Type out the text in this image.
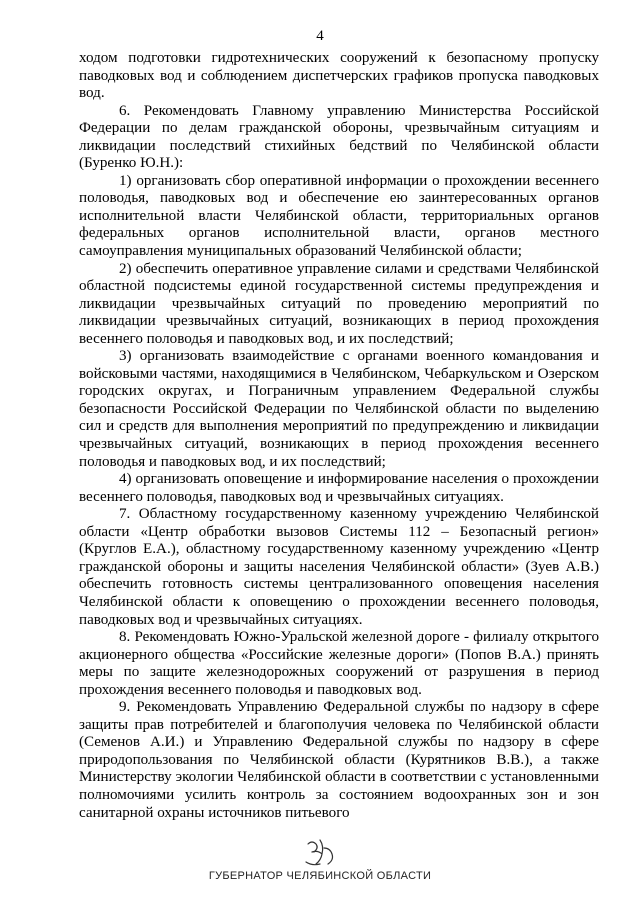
4

ходом подготовки гидротехнических сооружений к безопасному пропуску паводковых вод и соблюдением диспетчерских графиков пропуска паводковых вод.

6. Рекомендовать Главному управлению Министерства Российской Федерации по делам гражданской обороны, чрезвычайным ситуациям и ликвидации последствий стихийных бедствий по Челябинской области (Буренко Ю.Н.):

1) организовать сбор оперативной информации о прохождении весеннего половодья, паводковых вод и обеспечение ею заинтересованных органов исполнительной власти Челябинской области, территориальных органов федеральных органов исполнительной власти, органов местного самоуправления муниципальных образований Челябинской области;

2) обеспечить оперативное управление силами и средствами Челябинской областной подсистемы единой государственной системы предупреждения и ликвидации чрезвычайных ситуаций по проведению мероприятий по ликвидации чрезвычайных ситуаций, возникающих в период прохождения весеннего половодья и паводковых вод, и их последствий;

3) организовать взаимодействие с органами военного командования и войсковыми частями, находящимися в Челябинском, Чебаркульском и Озерском городских округах, и Пограничным управлением Федеральной службы безопасности Российской Федерации по Челябинской области по выделению сил и средств для выполнения мероприятий по предупреждению и ликвидации чрезвычайных ситуаций, возникающих в период прохождения весеннего половодья и паводковых вод, и их последствий;

4) организовать оповещение и информирование населения о прохождении весеннего половодья, паводковых вод и чрезвычайных ситуациях.

7. Областному государственному казенному учреждению Челябинской области «Центр обработки вызовов Системы 112 – Безопасный регион» (Круглов Е.А.), областному государственному казенному учреждению «Центр гражданской обороны и защиты населения Челябинской области» (Зуев А.В.) обеспечить готовность системы централизованного оповещения населения Челябинской области к оповещению о прохождении весеннего половодья, паводковых вод и чрезвычайных ситуациях.

8. Рекомендовать Южно-Уральской железной дороге - филиалу открытого акционерного общества «Российские железные дороги» (Попов В.А.) принять меры по защите железнодорожных сооружений от разрушения в период прохождения весеннего половодья и паводковых вод.

9. Рекомендовать Управлению Федеральной службы по надзору в сфере защиты прав потребителей и благополучия человека по Челябинской области (Семенов А.И.) и Управлению Федеральной службы по надзору в сфере природопользования по Челябинской области (Курятников В.В.), а также Министерству экологии Челябинской области в соответствии с установленными полномочиями усилить контроль за состоянием водоохранных зон и зон санитарной охраны источников питьевого

ГУБЕРНАТОР ЧЕЛЯБИНСКОЙ ОБЛАСТИ
